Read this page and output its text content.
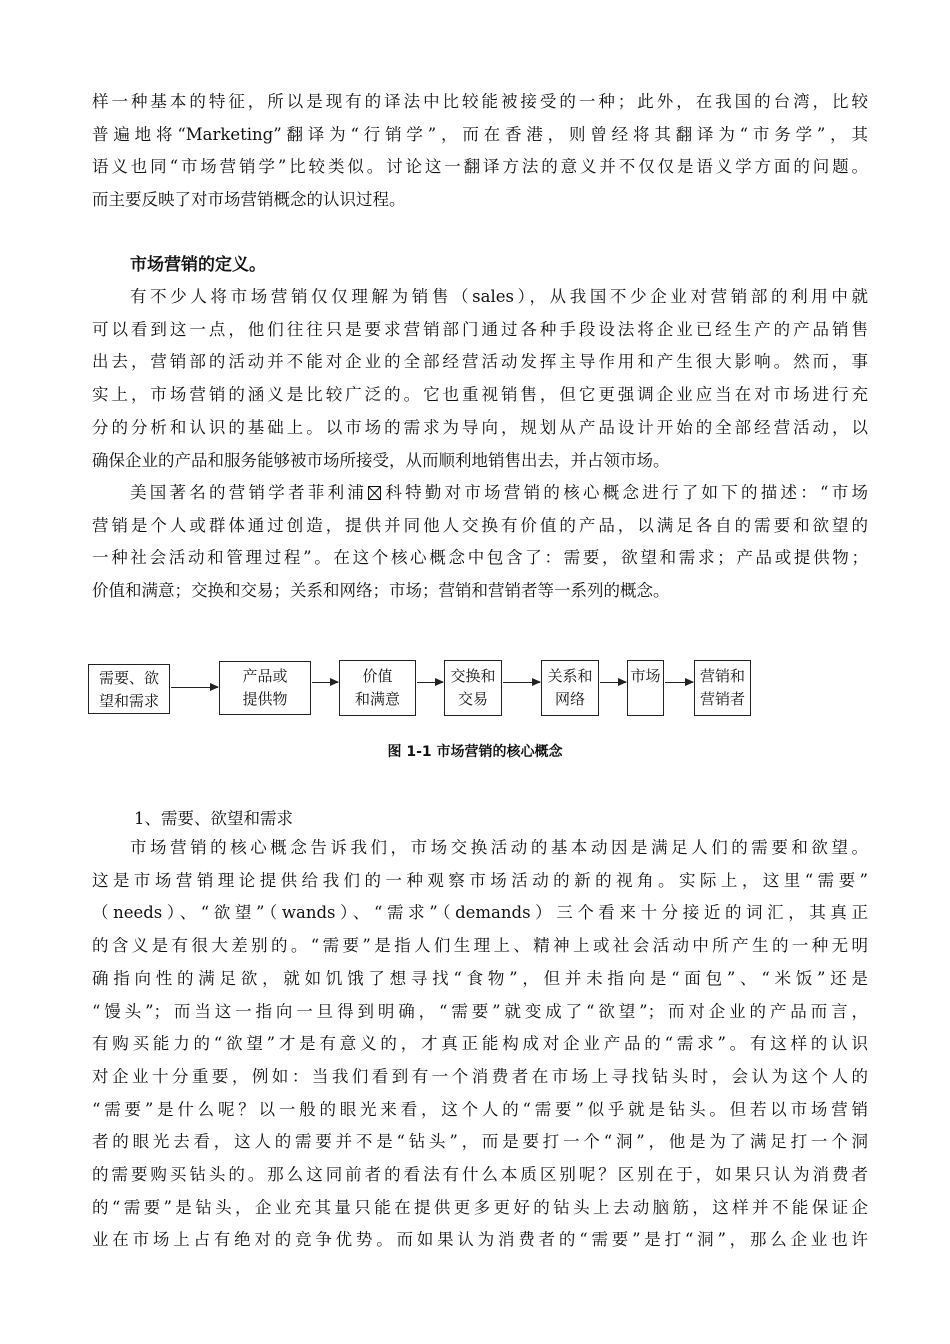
样一种基本的特征，所以是现有的译法中比较能被接受的一种；此外，在我国的台湾，比较
普遍地将“Marketing”翻译为“行销学”，而在香港，则曾经将其翻译为“市务学”，其
语义也同“市场营销学”比较类似。讨论这一翻译方法的意义并不仅仅是语义学方面的问题。
而主要反映了对市场营销概念的认识过程。

市场营销的定义。

有不少人将市场营销仅仅理解为销售（sales），从我国不少企业对营销部的利用中就
可以看到这一点，他们往往只是要求营销部门通过各种手段设法将企业已经生产的产品销售
出去，营销部的活动并不能对企业的全部经营活动发挥主导作用和产生很大影响。然而，事
实上，市场营销的涵义是比较广泛的。它也重视销售，但它更强调企业应当在对市场进行充
分的分析和认识的基础上。以市场的需求为导向，规划从产品设计开始的全部经营活动，以
确保企业的产品和服务能够被市场所接受，从而顺利地销售出去，并占领市场。

美国著名的营销学者菲利浦 科特勤对市场营销的核心概念进行了如下的描述：“市场
营销是个人或群体通过创造，提供并同他人交换有价值的产品，以满足各自的需要和欲望的
一种社会活动和管理过程”。在这个核心概念中包含了：需要，欲望和需求；产品或提供物；
价值和满意；交换和交易；关系和网络；市场；营销和营销者等一系列的概念。

需要、欲
望和需求
产品或
提供物
价值
和满意
交换和
交易
关系和
网络
市场	营销和
营销者

图 1-1 市场营销的核心概念

1、需要、欲望和需求

市场营销的核心概念告诉我们，市场交换活动的基本动因是满足人们的需要和欲望。
这是市场营销理论提供给我们的一种观察市场活动的新的视角。实际上，这里“需要”
（needs）、“欲望”（wands）、“需求”（demands）三个看来十分接近的词汇，其真正
的含义是有很大差别的。“需要”是指人们生理上、精神上或社会活动中所产生的一种无明
确指向性的满足欲，就如饥饿了想寻找“食物”，但并未指向是“面包”、“米饭”还是
“馒头”；而当这一指向一旦得到明确，“需要”就变成了“欲望”；而对企业的产品而言，
有购买能力的“欲望”才是有意义的，才真正能构成对企业产品的“需求”。有这样的认识
对企业十分重要，例如：当我们看到有一个消费者在市场上寻找钻头时，会认为这个人的
“需要”是什么呢？以一般的眼光来看，这个人的“需要”似乎就是钻头。但若以市场营销
者的眼光去看，这人的需要并不是“钻头”，而是要打一个“洞”，他是为了满足打一个洞
的需要购买钻头的。那么这同前者的看法有什么本质区别呢？区别在于，如果只认为消费者
的“需要”是钻头，企业充其量只能在提供更多更好的钻头上去动脑筋，这样并不能保证企
业在市场上占有绝对的竞争优势。而如果认为消费者的“需要”是打“洞”，那么企业也许
